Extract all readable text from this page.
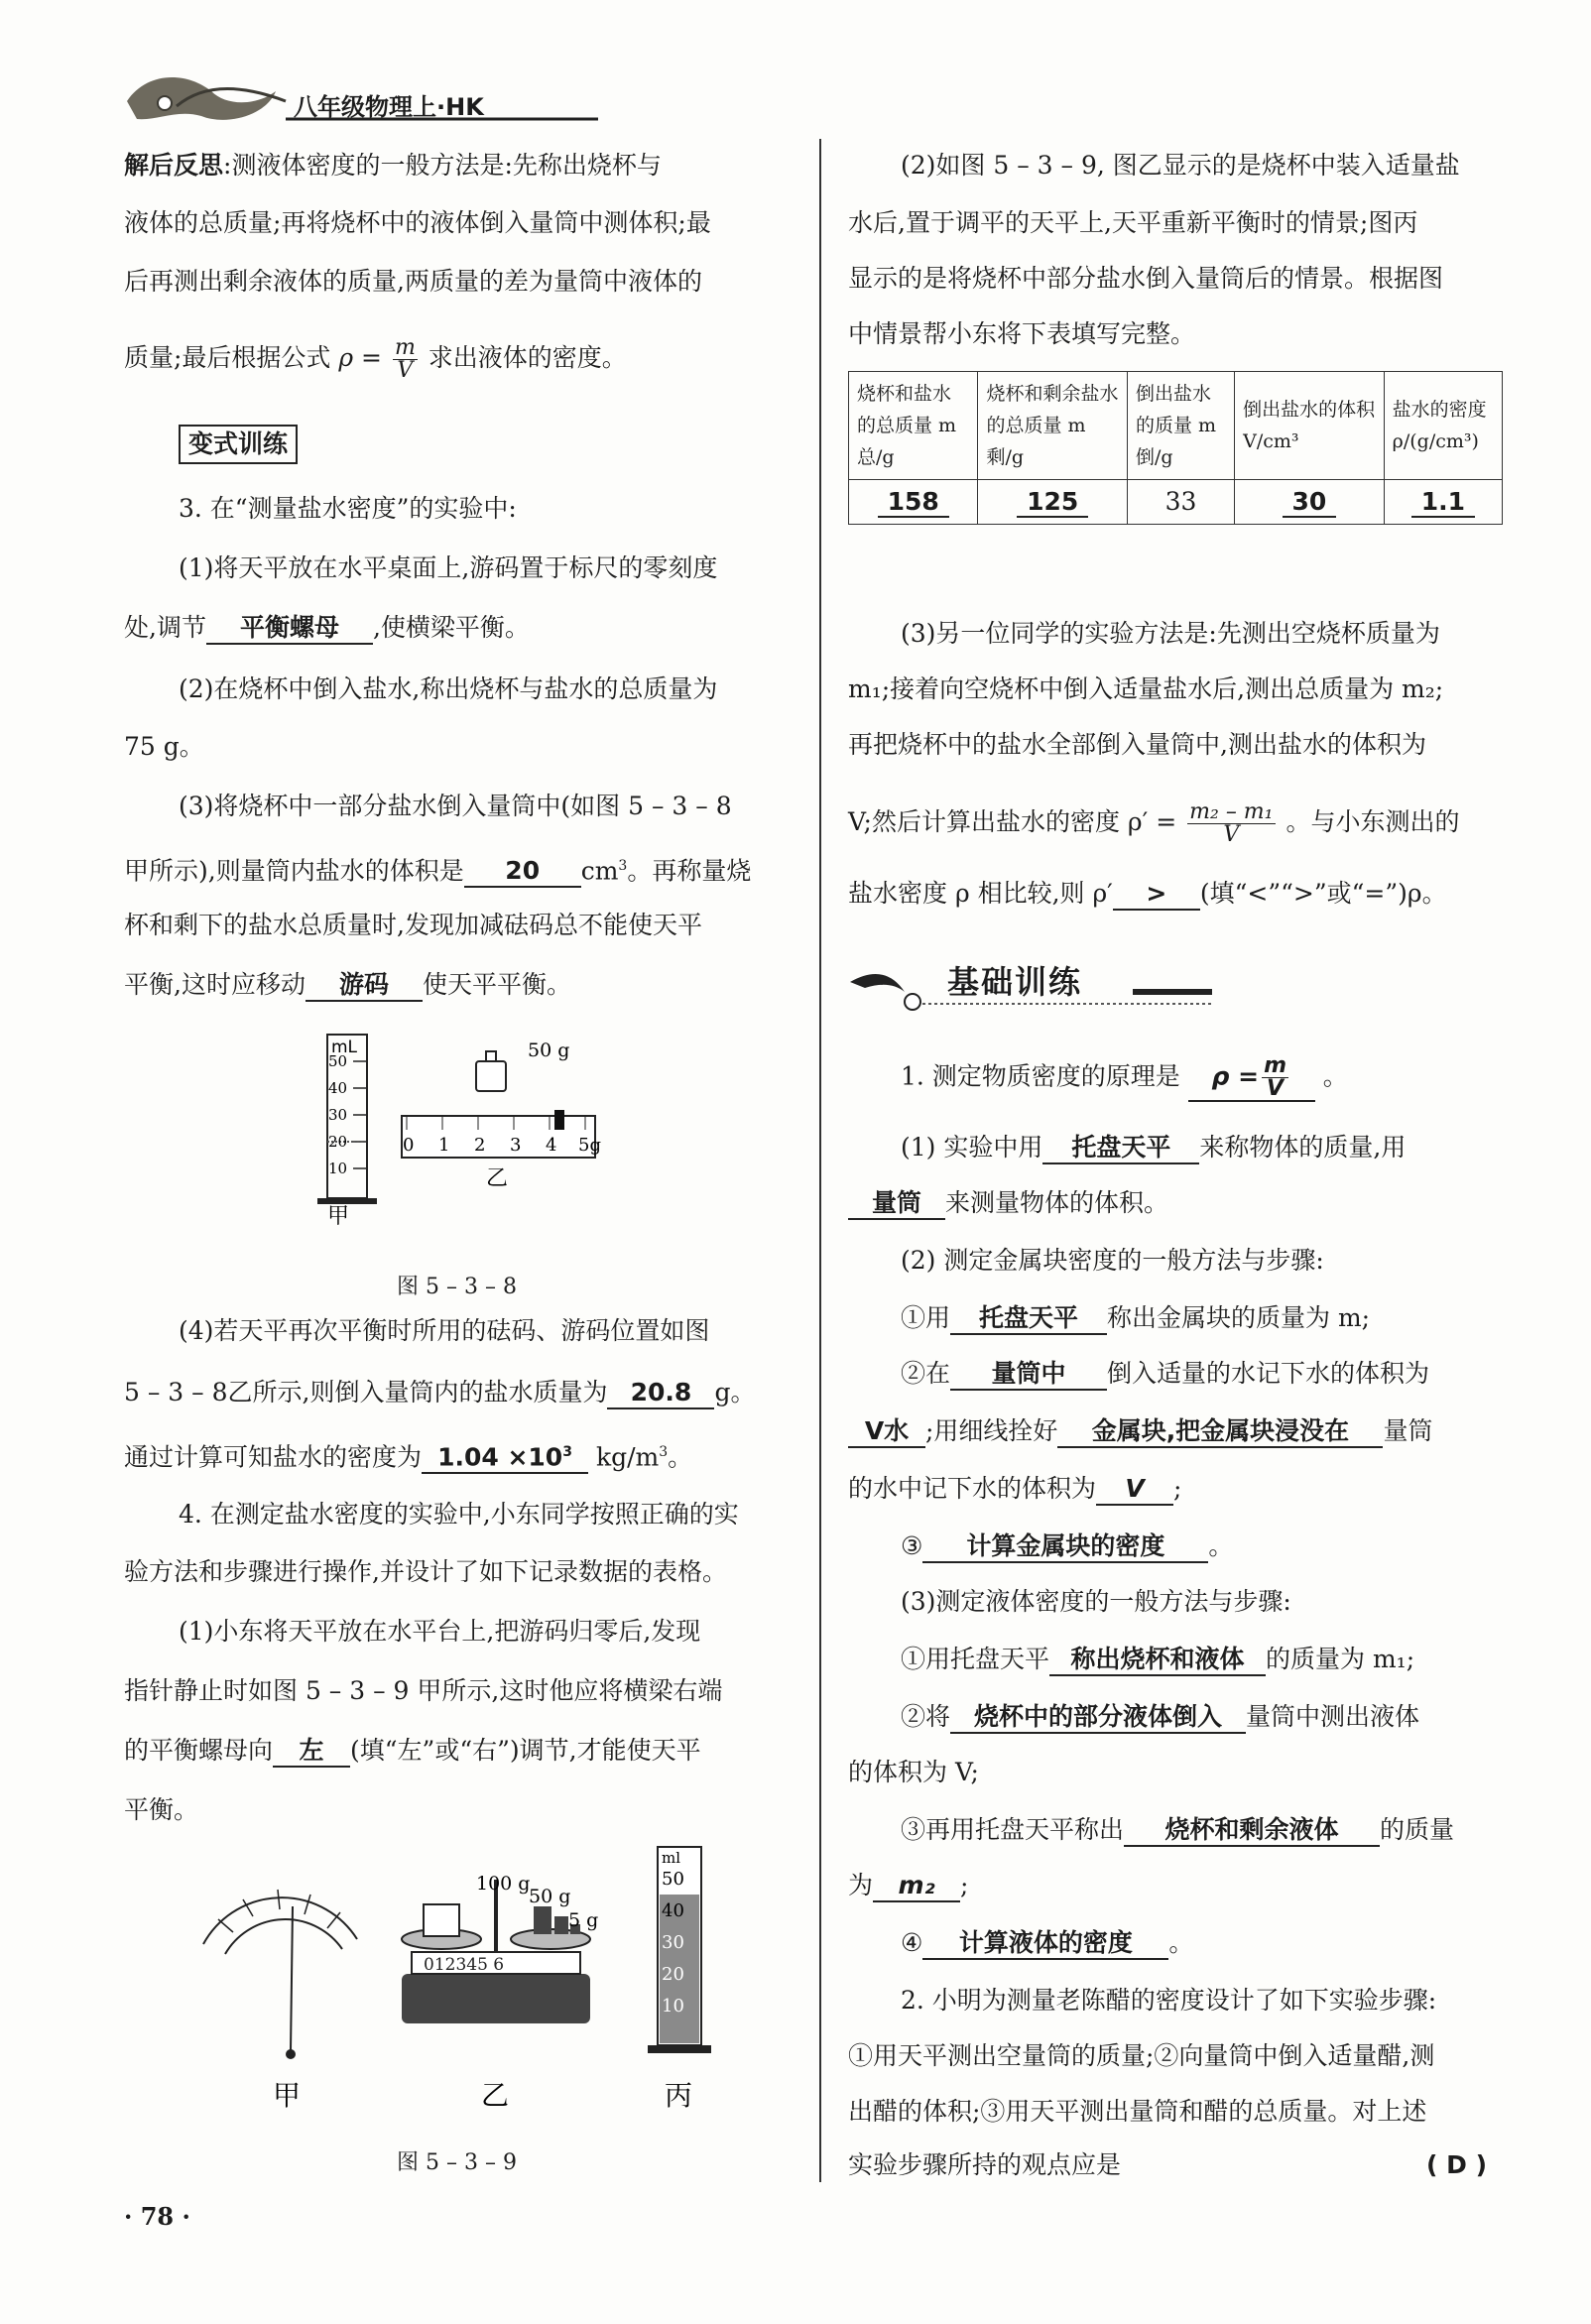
八年级物理上·HK
解后反思:测液体密度的一般方法是:先称出烧杯与
液体的总质量;再将烧杯中的液体倒入量筒中测体积;最
后再测出剩余液体的质量,两质量的差为量筒中液体的
质量;最后根据公式 $\rho = \frac{m}{V}$ 求出液体的密度。
变式训练
3. 在“测量盐水密度”的实验中:
(1)将天平放在水平桌面上,游码置于标尺的零刻度
处,调节 平衡螺母 ,使横梁平衡。
(2)在烧杯中倒入盐水,称出烧杯与盐水的总质量为
75 g。
(3)将烧杯中一部分盐水倒入量筒中(如图 5 – 3 – 8
甲所示),则量筒内盐水的体积是 20 $cm^3$。再称量烧
杯和剩下的盐水总质量时,发现加减砝码总不能使天平
平衡,这时应移动 游码 使天平平衡。
mL
50
40
30
20
10
甲
50 g
0 1 2 3 4 5g
乙
图 5 – 3 – 8
(4)若天平再次平衡时所用的砝码、游码位置如图
5 – 3 – 8乙所示,则倒入量筒内的盐水质量为 20.8 g。
通过计算可知盐水的密度为 $1.04 \times 10^3$ $kg/m^3$。
4. 在测定盐水密度的实验中,小东同学按照正确的实
验方法和步骤进行操作,并设计了如下记录数据的表格。
(1)小东将天平放在水平台上,把游码归零后,发现
指针静止时如图 5 – 3 – 9 甲所示,这时他应将横梁右端
的平衡螺母向 左 (填“左”或“右”)调节,才能使天平
平衡。
甲
012345 6
100 g
50 g
5 g
乙
ml
50
40
30
20
10
丙
图 5 – 3 – 9
· 78 ·
(2)如图 5 – 3 – 9, 图乙显示的是烧杯中装入适量盐
水后,置于调平的天平上,天平重新平衡时的情景;图丙
显示的是将烧杯中部分盐水倒入量筒后的情景。根据图
中情景帮小东将下表填写完整。
烧杯和盐水的总质量 m总/g	烧杯和剩余盐水的总质量 m剩/g	倒出盐水的质量 m倒/g	倒出盐水的体积V/cm³	盐水的密度 ρ/(g/cm³)
158	125	33	30	1.1
(3)另一位同学的实验方法是:先测出空烧杯质量为
m₁;接着向空烧杯中倒入适量盐水后,测出总质量为 m₂;
再把烧杯中的盐水全部倒入量筒中,测出盐水的体积为
V;然后计算出盐水的密度 $\rho' = \frac{\text{m₂ – m₁}}{V}$ 。与小东测出的
盐水密度 ρ 相比较,则 ρ′ > (填“<”“>”或“=”)ρ。
基础训练
1. 测定物质密度的原理是 $\rho = \frac{m}{V}$ 。
(1) 实验中用 托盘天平 来称物体的质量,用
量筒 来测量物体的体积。
(2) 测定金属块密度的一般方法与步骤:
①用 托盘天平 称出金属块的质量为 m;
②在 量筒中 倒入适量的水记下水的体积为
V水 ;用细线拴好 金属块,把金属块浸没在 量筒
的水中记下水的体积为 V ;
③ 计算金属块的密度 。
(3)测定液体密度的一般方法与步骤:
①用托盘天平 称出烧杯和液体 的质量为 m₁;
②将 烧杯中的部分液体倒入 量筒中测出液体
的体积为 V;
③再用托盘天平称出 烧杯和剩余液体 的质量
为 m₂ ;
④ 计算液体的密度 。
2. 小明为测量老陈醋的密度设计了如下实验步骤:
①用天平测出空量筒的质量;②向量筒中倒入适量醋,测
出醋的体积;③用天平测出量筒和醋的总质量。对上述
实验步骤所持的观点应是	( D )
